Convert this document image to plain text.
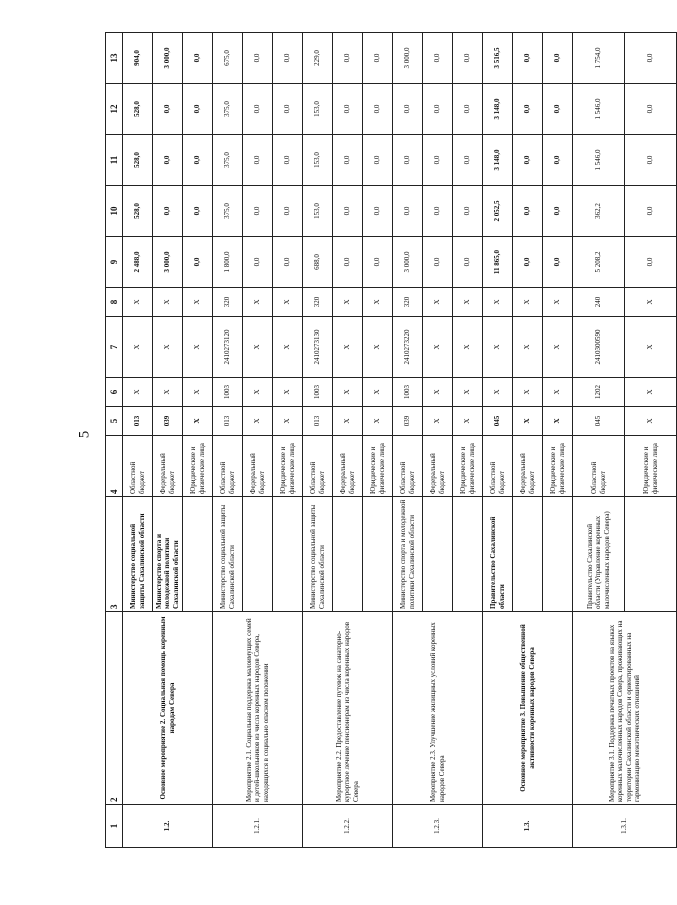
5
1	2	3	4	5	6	7	8	9	10	11	12	13
1.2.	Основное мероприятие 2. Социальная помощь коренным народам Севера	Министерство социальной защиты Сахалинской области	Областной бюджет	013	X	X	X	2 488,0	528,0	528,0	528,0	904,0
		Министерство спорта и молодежной политики Сахалинской области	Федеральный бюджет	039	X	X	X	3 000,0	0,0	0,0	0,0	3 000,0
			Юридические и физические лица	X	X	X	X	0,0	0,0	0,0	0,0	0,0
1.2.1.	Мероприятие 2.1. Социальная поддержка малоимущих семей и детей-школьников из числа коренных народов Севера, находящихся в социально опасном положении	Министерство социальной защиты Сахалинской области	Областной бюджет	013	1003	2410273120	320	1 800,0	375,0	375,0	375,0	675,0
			Федеральный бюджет	X	X	X	X	0,0	0,0	0,0	0,0	0,0
			Юридические и физические лица	X	X	X	X	0,0	0,0	0,0	0,0	0,0
1.2.2.	Мероприятие 2.2. Предоставление путевок на санаторно-курортное лечение пенсионерам из числа коренных народов Севера	Министерство социальной защиты Сахалинской области	Областной бюджет	013	1003	2410273130	320	688,0	153,0	153,0	153,0	229,0
			Федеральный бюджет	X	X	X	X	0,0	0,0	0,0	0,0	0,0
			Юридические и физические лица	X	X	X	X	0,0	0,0	0,0	0,0	0,0
1.2.3.	Мероприятие 2.3. Улучшение жилищных условий коренных народов Севера	Министерство спорта и молодежной политики Сахалинской области	Областной бюджет	039	1003	2410273220	320	3 000,0	0,0	0,0	0,0	3 000,0
			Федеральный бюджет	X	X	X	X	0,0	0,0	0,0	0,0	0,0
			Юридические и физические лица	X	X	X	X	0,0	0,0	0,0	0,0	0,0
1.3.	Основное мероприятие 3. Повышение общественной активности коренных народов Севера	Правительство Сахалинской области	Областной бюджет	045	X	X	X	11 865,0	2 052,5	3 148,0	3 148,0	3 516,5
			Федеральный бюджет	X	X	X	X	0,0	0,0	0,0	0,0	0,0
			Юридические и физические лица	X	X	X	X	0,0	0,0	0,0	0,0	0,0
1.3.1.	Мероприятие 3.1. Поддержка печатных проектов на языках коренных малочисленных народов Севера, проживающих на территории Сахалинской области и ориентированных на гармонизацию межэтнических отношений	Правительство Сахалинской области (Управление коренных малочисленных народов Севера)	Областной бюджет	045	1202	2410300590	240	5 208,2	362,2	1 546,0	1 546,0	1 754,0
			Юридические и физические лица	X	X	X	X	0,0	0,0	0,0	0,0	0,0
